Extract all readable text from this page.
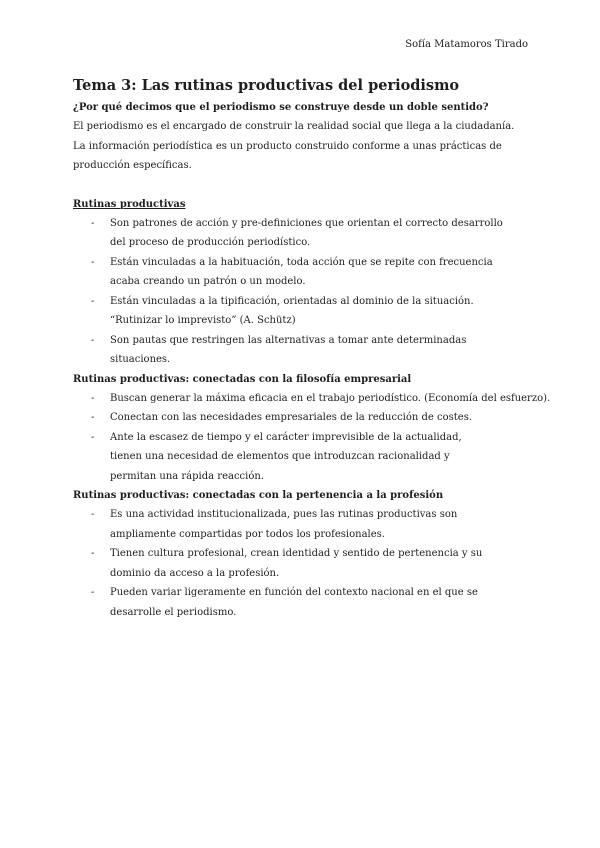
Sofía Matamoros Tirado
Tema 3: Las rutinas productivas del periodismo

¿Por qué decimos que el periodismo se construye desde un doble sentido?

El periodismo es el encargado de construir la realidad social que llega a la ciudadanía.

La información periodística es un producto construido conforme a unas prácticas de producción específicas.

Rutinas productivas

- Son patrones de acción y pre-definiciones que orientan el correcto desarrollo del proceso de producción periodístico.
- Están vinculadas a la habituación, toda acción que se repite con frecuencia acaba creando un patrón o un modelo.
- Están vinculadas a la tipificación, orientadas al dominio de la situación. “Rutinizar lo imprevisto” (A. Schütz)
- Son pautas que restringen las alternativas a tomar ante determinadas situaciones.

Rutinas productivas: conectadas con la filosofía empresarial

- Buscan generar la máxima eficacia en el trabajo periodístico. (Economía del esfuerzo).
- Conectan con las necesidades empresariales de la reducción de costes.
- Ante la escasez de tiempo y el carácter imprevisible de la actualidad, tienen una necesidad de elementos que introduzcan racionalidad y permitan una rápida reacción.

Rutinas productivas: conectadas con la pertenencia a la profesión

- Es una actividad institucionalizada, pues las rutinas productivas son ampliamente compartidas por todos los profesionales.
- Tienen cultura profesional, crean identidad y sentido de pertenencia y su dominio da acceso a la profesión.
- Pueden variar ligeramente en función del contexto nacional en el que se desarrolle el periodismo.
